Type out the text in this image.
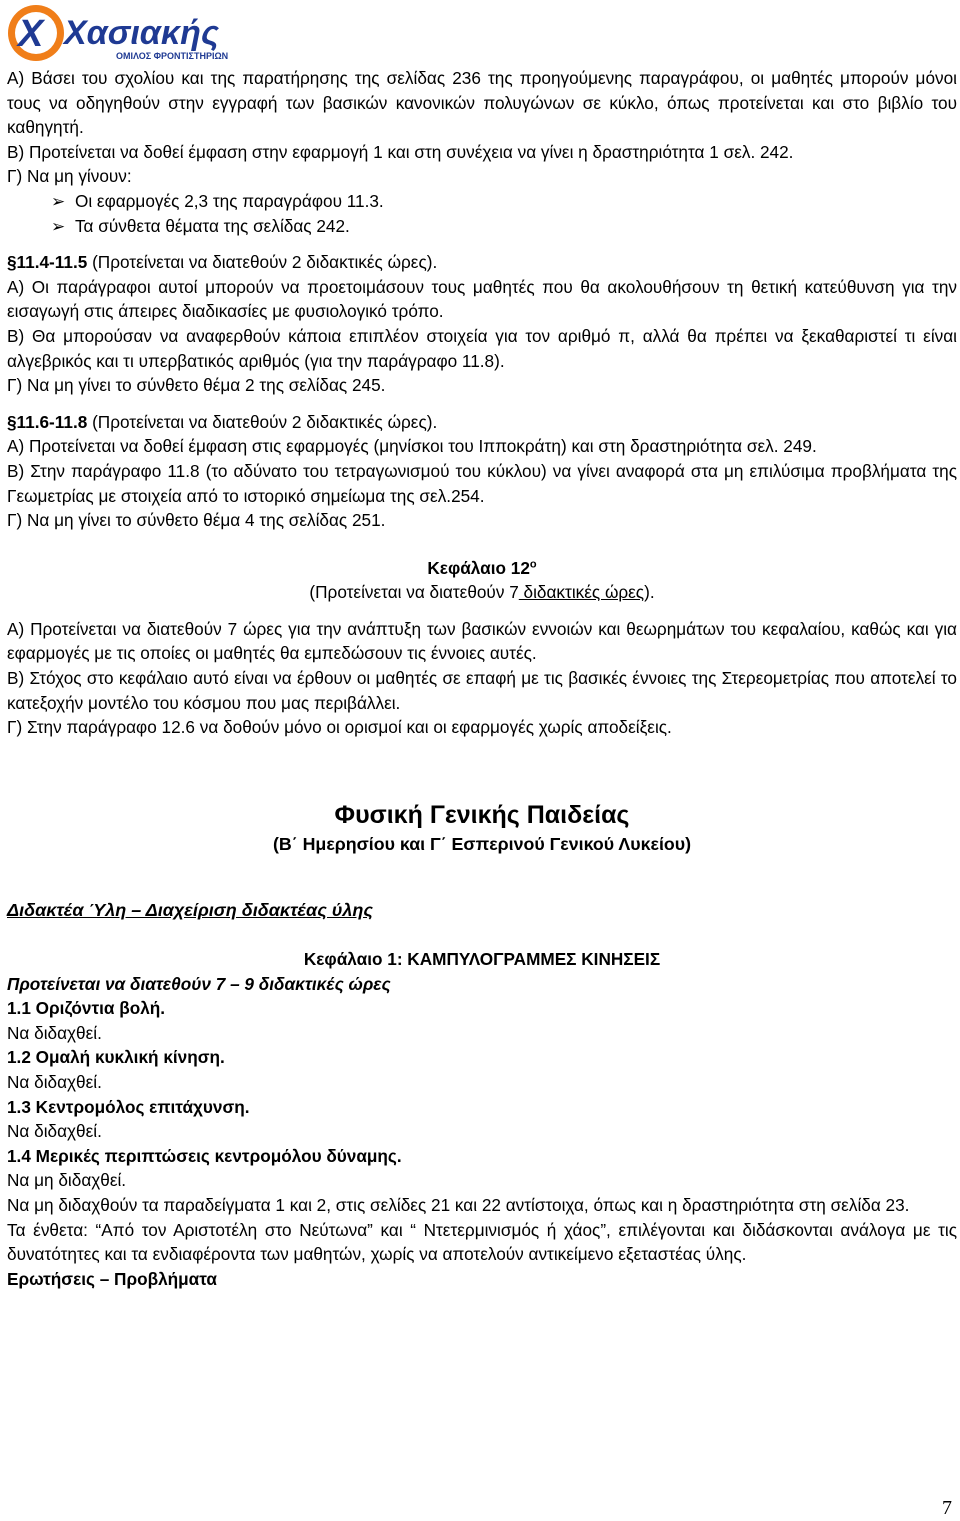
X Χασιακής
ΟΜΙΛΟΣ ΦΡΟΝΤΙΣΤΗΡΙΩΝ

Α) Βάσει του σχολίου και της παρατήρησης της σελίδας 236 της προηγούμενης παραγράφου, οι μαθητές μπορούν μόνοι τους να οδηγηθούν στην εγγραφή των βασικών κανονικών πολυγώνων σε κύκλο, όπως προτείνεται και στο βιβλίο του καθηγητή.

Β) Προτείνεται να δοθεί έμφαση στην εφαρμογή 1 και στη συνέχεια να γίνει η δραστηριότητα 1 σελ. 242.

Γ) Να μη γίνουν:

➢  Οι εφαρμογές 2,3 της παραγράφου 11.3.

➢  Τα σύνθετα θέματα της σελίδας 242.

§11.4-11.5 (Προτείνεται να διατεθούν 2 διδακτικές ώρες).

Α) Οι παράγραφοι αυτοί μπορούν να προετοιμάσουν τους μαθητές που θα ακολουθήσουν τη θετική κατεύθυνση για την εισαγωγή στις άπειρες διαδικασίες με φυσιολογικό τρόπο.

Β) Θα μπορούσαν να αναφερθούν κάποια επιπλέον στοιχεία για τον αριθμό π, αλλά θα πρέπει να ξεκαθαριστεί τι είναι αλγεβρικός και τι υπερβατικός αριθμός (για την παράγραφο 11.8).

Γ) Να μη γίνει το σύνθετο θέμα 2 της σελίδας 245.

§11.6-11.8 (Προτείνεται να διατεθούν 2 διδακτικές ώρες).

Α) Προτείνεται να δοθεί έμφαση στις εφαρμογές (μηνίσκοι του Ιπποκράτη) και στη δραστηριότητα σελ. 249.

Β) Στην παράγραφο 11.8 (το αδύνατο του τετραγωνισμού του κύκλου) να γίνει αναφορά στα μη επιλύσιμα προβλήματα της Γεωμετρίας με στοιχεία από το ιστορικό σημείωμα της σελ.254.

Γ) Να μη γίνει το σύνθετο θέμα 4 της σελίδας 251.

Κεφάλαιο $12^o$

(Προτείνεται να διατεθούν 7 διδακτικές ώρες).

Α) Προτείνεται να διατεθούν 7 ώρες για την ανάπτυξη των βασικών εννοιών και θεωρημάτων του κεφαλαίου, καθώς και για εφαρμογές με τις οποίες οι μαθητές θα εμπεδώσουν τις έννοιες αυτές.

Β) Στόχος στο κεφάλαιο αυτό είναι να έρθουν οι μαθητές σε επαφή με τις βασικές έννοιες της Στερεομετρίας που αποτελεί το κατεξοχήν μοντέλο του κόσμου που μας περιβάλλει.

Γ) Στην παράγραφο 12.6 να δοθούν μόνο οι ορισμοί και οι εφαρμογές χωρίς αποδείξεις.

Φυσική Γενικής Παιδείας

(Β΄ Ημερησίου και Γ΄ Εσπερινού Γενικού Λυκείου)

Διδακτέα Ύλη – Διαχείριση διδακτέας ύλης

Κεφάλαιο 1: ΚΑΜΠΥΛΟΓΡΑΜΜΕΣ ΚΙΝΗΣΕΙΣ

Προτείνεται να διατεθούν 7 – 9 διδακτικές ώρες

1.1 Οριζόντια βολή.

Να διδαχθεί.

1.2 Ομαλή κυκλική κίνηση.

Να διδαχθεί.

1.3 Κεντρομόλος επιτάχυνση.

Να διδαχθεί.

1.4 Μερικές περιπτώσεις κεντρομόλου δύναμης.

Να μη διδαχθεί.

Να μη διδαχθούν τα παραδείγματα 1 και 2, στις σελίδες 21 και 22 αντίστοιχα, όπως και η δραστηριότητα στη σελίδα 23.

Τα ένθετα: “Από τον Αριστοτέλη στο Νεύτωνα” και “ Ντετερμινισμός ή χάος”, επιλέγονται και διδάσκονται ανάλογα με τις δυνατότητες και τα ενδιαφέροντα των μαθητών, χωρίς να αποτελούν αντικείμενο εξεταστέας ύλης.

Ερωτήσεις – Προβλήματα

7
